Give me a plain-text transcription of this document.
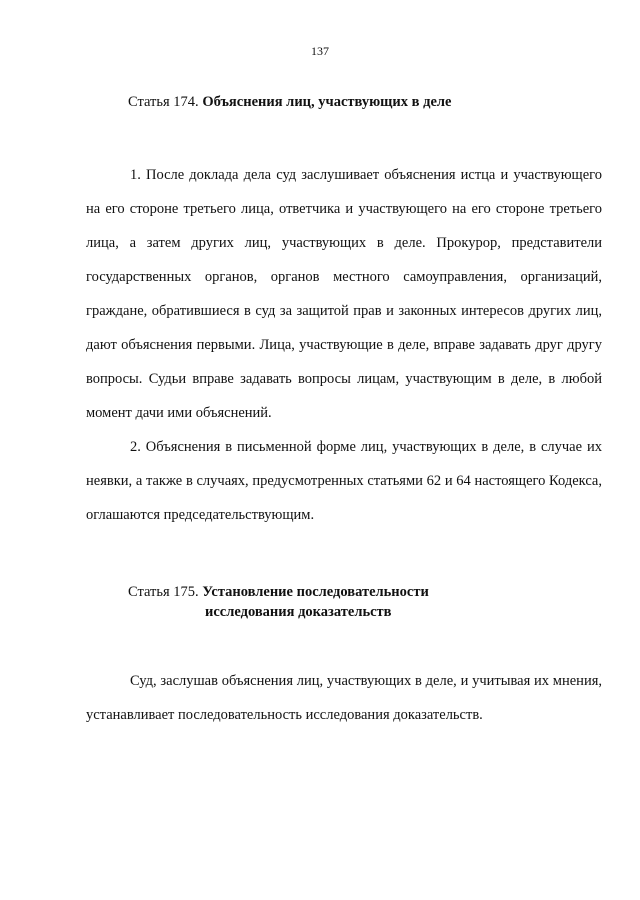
137
Статья 174. Объяснения лиц, участвующих в деле

1. После доклада дела суд заслушивает объяснения истца и участвующего на его стороне третьего лица, ответчика и участвующего на его стороне третьего лица, а затем других лиц, участвующих в деле. Прокурор, представители государственных органов, органов местного самоуправления, организаций, граждане, обратившиеся в суд за защитой прав и законных интересов других лиц, дают объяснения первыми. Лица, участвующие в деле, вправе задавать друг другу вопросы. Судьи вправе задавать вопросы лицам, участвующим в деле, в любой момент дачи ими объяснений.

2. Объяснения в письменной форме лиц, участвующих в деле, в случае их неявки, а также в случаях, предусмотренных статьями 62 и 64 настоящего Кодекса, оглашаются председательствующим.

Статья 175. Установление последовательности
исследования доказательств

Суд, заслушав объяснения лиц, участвующих в деле, и учитывая их мнения, устанавливает последовательность исследования доказательств.
